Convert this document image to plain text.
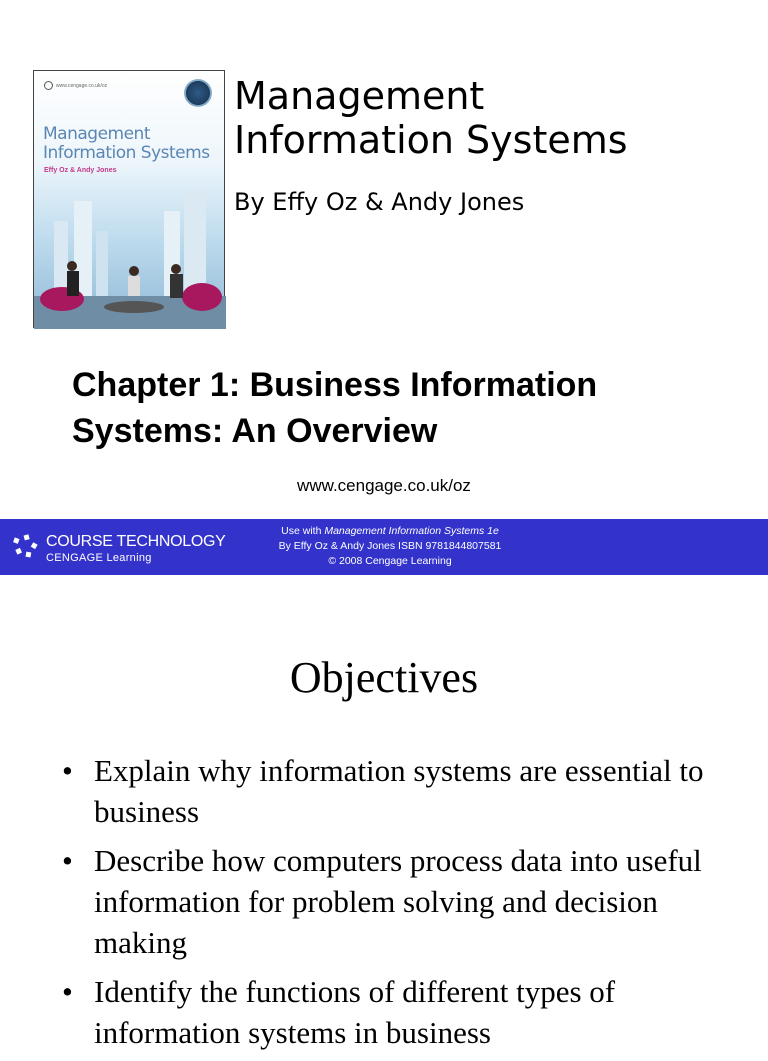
www.cengage.co.uk/oz
Management
Information Systems
Effy Oz & Andy Jones
Management
Information Systems
By Effy Oz & Andy Jones
Chapter 1: Business Information
Systems: An Overview
www.cengage.co.uk/oz
COURSE TECHNOLOGY
CENGAGE Learning
Use with Management Information Systems 1e
By Effy Oz & Andy Jones ISBN 9781844807581
© 2008 Cengage Learning
Objectives
• Explain why information systems are essential to business
• Describe how computers process data into useful information for problem solving and decision making
• Identify the functions of different types of information systems in business
